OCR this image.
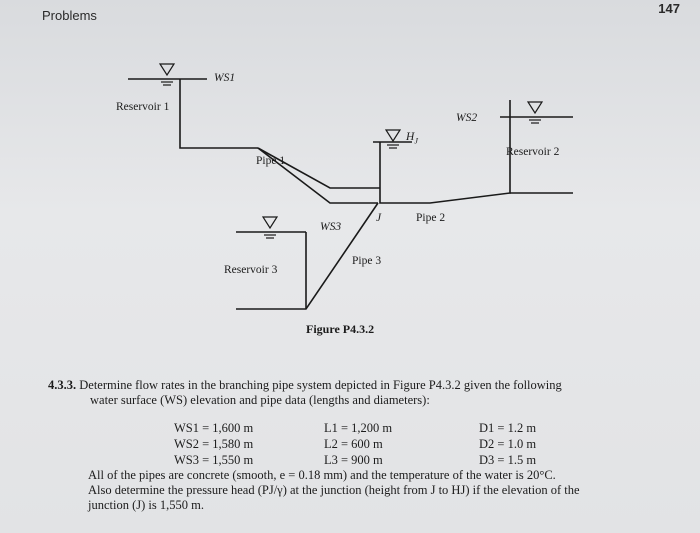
Problems	147
WS1
Reservoir 1
WS2
$H_J$
Reservoir 2
Pipe 1
J	Pipe 2
WS3
Pipe 3
Reservoir 3
Figure P4.3.2
4.3.3. Determine flow rates in the branching pipe system depicted in Figure P4.3.2 given the following
water surface (WS) elevation and pipe data (lengths and diameters):
WS1 = 1,600 m	L1 = 1,200 m	D1 = 1.2 m
WS2 = 1,580 m	L2 = 600 m	D2 = 1.0 m
WS3 = 1,550 m	L3 = 900 m	D3 = 1.5 m
All of the pipes are concrete (smooth, e = 0.18 mm) and the temperature of the water is 20°C.
Also determine the pressure head (PJ/γ) at the junction (height from J to HJ) if the elevation of the
junction (J) is 1,550 m.
